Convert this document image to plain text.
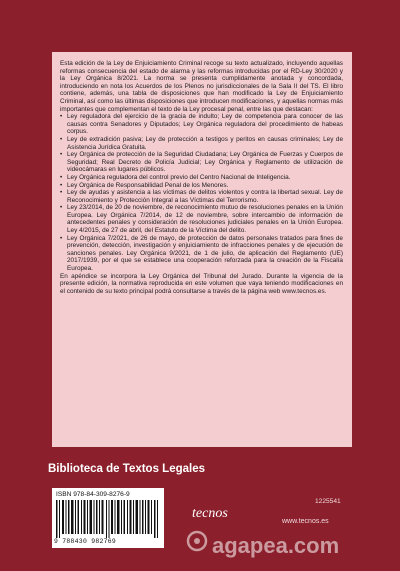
Esta edición de la Ley de Enjuiciamiento Criminal recoge su texto actualizado, incluyendo aquellas reformas consecuencia del estado de alarma y las reformas introducidas por el RD-Ley 30/2020 y la Ley Orgánica 8/2021. La norma se presenta cumplidamente anotada y concordada, introduciendo en nota los Acuerdos de los Plenos no jurisdiccionales de la Sala II del TS. El libro contiene, además, una tabla de disposiciones que han modificado la Ley de Enjuiciamiento Criminal, así como las últimas disposiciones que introducen modificaciones, y aquellas normas más importantes que complementan el texto de la Ley procesal penal, entre las que destacan:

• Ley reguladora del ejercicio de la gracia de indulto; Ley de competencia para conocer de las causas contra Senadores y Diputados; Ley Orgánica reguladora del procedimiento de habeas corpus.
• Ley de extradición pasiva; Ley de protección a testigos y peritos en causas criminales; Ley de Asistencia Jurídica Gratuita.
• Ley Orgánica de protección de la Seguridad Ciudadana; Ley Orgánica de Fuerzas y Cuerpos de Seguridad; Real Decreto de Policía Judicial; Ley Orgánica y Reglamento de utilización de videocámaras en lugares públicos.
• Ley Orgánica reguladora del control previo del Centro Nacional de Inteligencia.
• Ley Orgánica de Responsabilidad Penal de los Menores.
• Ley de ayudas y asistencia a las víctimas de delitos violentos y contra la libertad sexual. Ley de Reconocimiento y Protección Integral a las Víctimas del Terrorismo.
• Ley 23/2014, de 20 de noviembre, de reconocimiento mutuo de resoluciones penales en la Unión Europea. Ley Orgánica 7/2014, de 12 de noviembre, sobre intercambio de información de antecedentes penales y consideración de resoluciones judiciales penales en la Unión Europea. Ley 4/2015, de 27 de abril, del Estatuto de la Víctima del delito.
• Ley Orgánica 7/2021, de 26 de mayo, de protección de datos personales tratados para fines de prevención, detección, investigación y enjuiciamiento de infracciones penales y de ejecución de sanciones penales. Ley Orgánica 9/2021, de 1 de julio, de aplicación del Reglamento (UE) 2017/1939, por el que se establece una cooperación reforzada para la creación de la Fiscalía Europea.

En apéndice se incorpora la Ley Orgánica del Tribunal del Jurado. Durante la vigencia de la presente edición, la normativa reproducida en este volumen que vaya teniendo modificaciones en el contenido de su texto principal podrá consultarse a través de la página web www.tecnos.es.

Biblioteca de Textos Legales
ISBN 978-84-309-8276-9
9 788430 982769
tecnos
1225541
www.tecnos.es
agapea.com
